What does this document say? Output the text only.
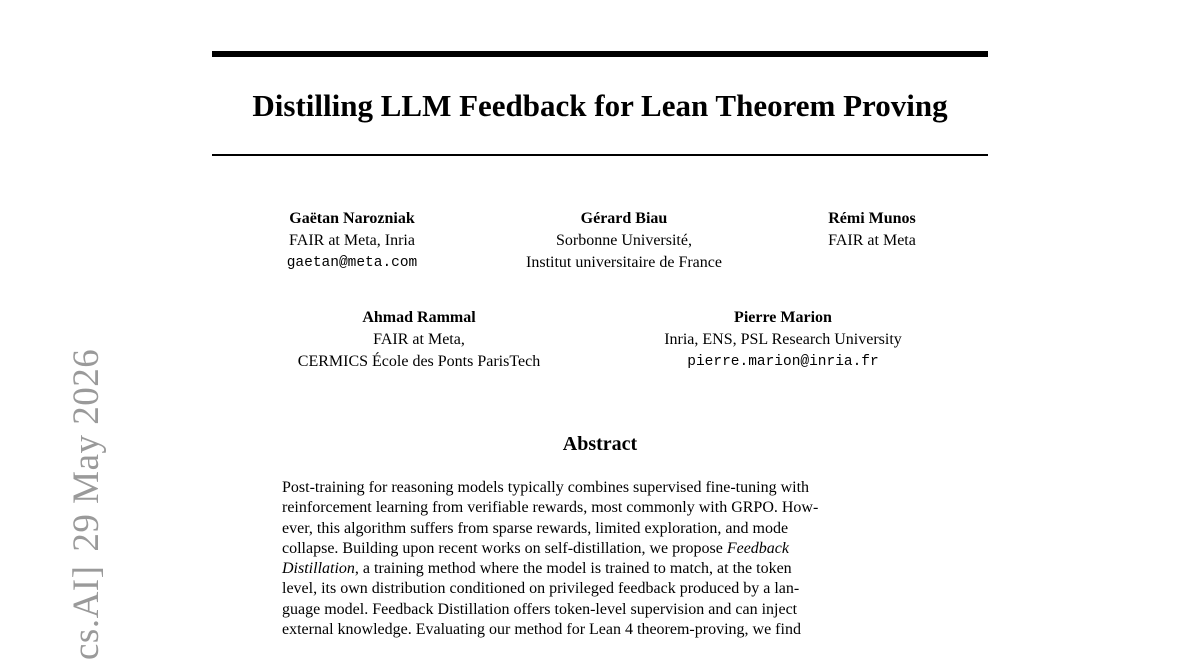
cs.AI]29 May 2026
Distilling LLM Feedback for Lean Theorem Proving
Gaëtan Narozniak
FAIR at Meta, Inria
gaetan@meta.com
Gérard Biau
Sorbonne Université,
Institut universitaire de France
Rémi Munos
FAIR at Meta
Ahmad Rammal
FAIR at Meta,
CERMICS École des Ponts ParisTech
Pierre Marion
Inria, ENS, PSL Research University
pierre.marion@inria.fr
Abstract
Post-training for reasoning models typically combines supervised fine-tuning with
reinforcement learning from verifiable rewards, most commonly with GRPO. How-
ever, this algorithm suffers from sparse rewards, limited exploration, and mode
collapse. Building upon recent works on self-distillation, we propose Feedback
Distillation, a training method where the model is trained to match, at the token
level, its own distribution conditioned on privileged feedback produced by a lan-
guage model. Feedback Distillation offers token-level supervision and can inject
external knowledge. Evaluating our method for Lean 4 theorem-proving, we find
